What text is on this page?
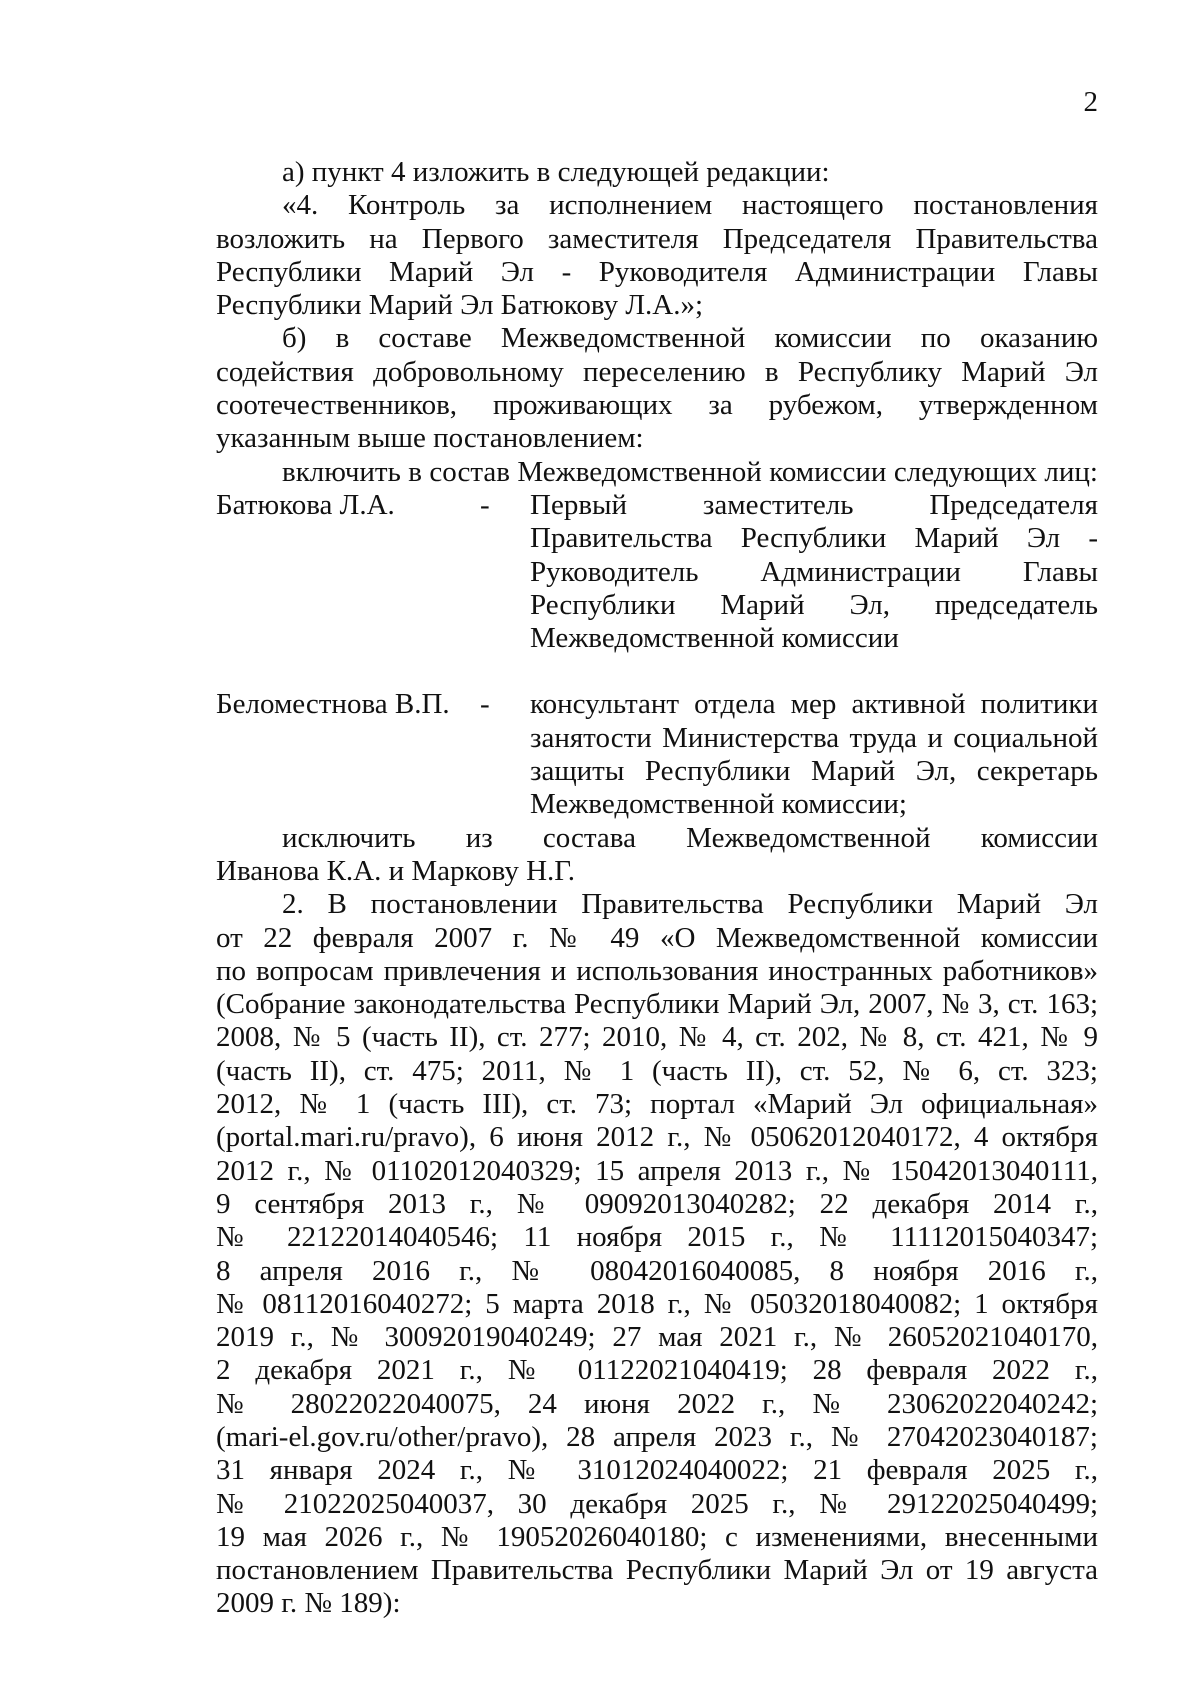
2

а) пункт 4 изложить в следующей редакции:

«4. Контроль за исполнением настоящего постановления

возложить на Первого заместителя Председателя Правительства

Республики Марий Эл - Руководителя Администрации Главы

Республики Марий Эл Батюкову Л.А.»;

б) в составе Межведомственной комиссии по оказанию

содействия добровольному переселению в Республику Марий Эл

соотечественников, проживающих за рубежом, утвержденном

указанным выше постановлением:

включить в состав Межведомственной комиссии следующих лиц:

Батюкова Л.А.	-	Первый заместитель Председателя

Правительства Республики Марий Эл -

Руководитель Администрации Главы

Республики Марий Эл, председатель

Межведомственной комиссии

Беломестнова В.П.	-	консультант отдела мер активной политики

занятости Министерства труда и социальной

защиты Республики Марий Эл, секретарь

Межведомственной комиссии;

исключить из состава Межведомственной комиссии

Иванова К.А. и Маркову Н.Г.

2. В постановлении Правительства Республики Марий Эл

от 22 февраля 2007 г. № 49 «О Межведомственной комиссии

по вопросам привлечения и использования иностранных работников»

(Собрание законодательства Республики Марий Эл, 2007, № 3, ст. 163;

2008, № 5 (часть II), ст. 277; 2010, № 4, ст. 202, № 8, ст. 421, № 9

(часть II), ст. 475; 2011, № 1 (часть II), ст. 52, № 6, ст. 323;

2012, № 1 (часть III), ст. 73; портал «Марий Эл официальная»

(portal.mari.ru/pravo), 6 июня 2012 г., № 05062012040172, 4 октября

2012 г., № 01102012040329; 15 апреля 2013 г., № 15042013040111,

9 сентября 2013 г., № 09092013040282; 22 декабря 2014 г.,

№ 22122014040546; 11 ноября 2015 г., № 11112015040347;

8 апреля 2016 г., № 08042016040085, 8 ноября 2016 г.,

№ 08112016040272; 5 марта 2018 г., № 05032018040082; 1 октября

2019 г., № 30092019040249; 27 мая 2021 г., № 26052021040170,

2 декабря 2021 г., № 01122021040419; 28 февраля 2022 г.,

№ 28022022040075, 24 июня 2022 г., № 23062022040242;

(mari-el.gov.ru/other/pravo), 28 апреля 2023 г., № 27042023040187;

31 января 2024 г., № 31012024040022; 21 февраля 2025 г.,

№ 21022025040037, 30 декабря 2025 г., № 29122025040499;

19 мая 2026 г., № 19052026040180; с изменениями, внесенными

постановлением Правительства Республики Марий Эл от 19 августа

2009 г. № 189):
